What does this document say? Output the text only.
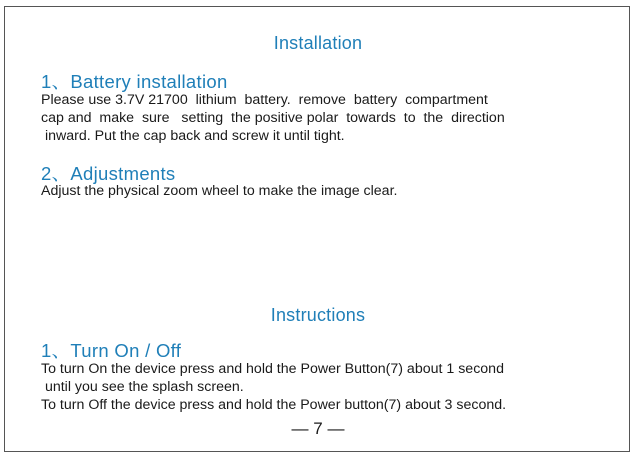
Installation
1、Battery installation
Please use 3.7V 21700  lithium  battery.  remove  battery  compartment
cap and  make  sure   setting  the positive polar  towards  to  the  direction
inward. Put the cap back and screw it until tight.
2、Adjustments
Adjust the physical zoom wheel to make the image clear.
Instructions
1、Turn On / Off
To turn On the device press and hold the Power Button(7) about 1 second
until you see the splash screen.
To turn Off the device press and hold the Power button(7) about 3 second.
— 7 —
